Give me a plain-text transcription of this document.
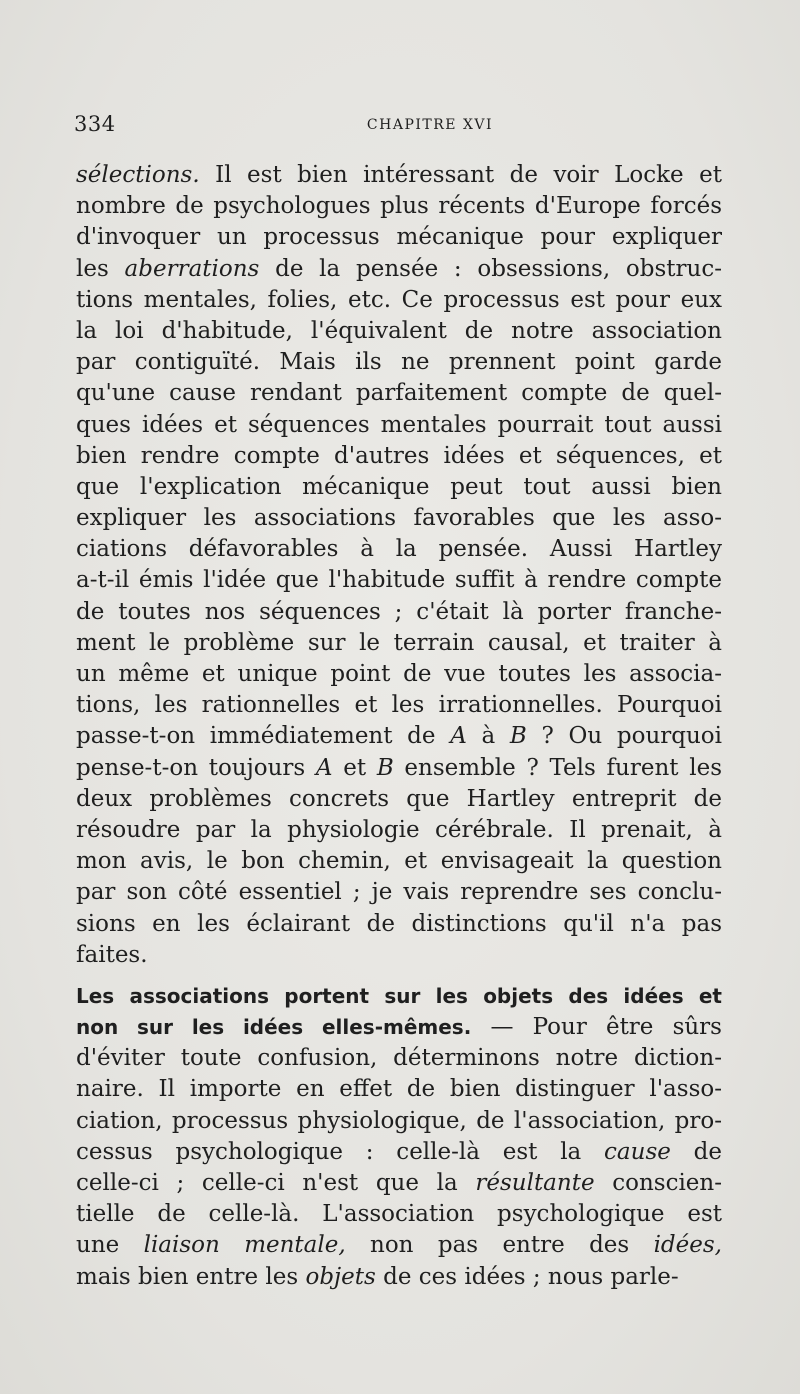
334	CHAPITRE XVI
sélections. Il est bien intéressant de voir Locke et
nombre de psychologues plus récents d'Europe forcés
d'invoquer un processus mécanique pour expliquer
les aberrations de la pensée : obsessions, obstruc-
tions mentales, folies, etc. Ce processus est pour eux
la loi d'habitude, l'équivalent de notre association
par contiguïté. Mais ils ne prennent point garde
qu'une cause rendant parfaitement compte de quel-
ques idées et séquences mentales pourrait tout aussi
bien rendre compte d'autres idées et séquences, et
que l'explication mécanique peut tout aussi bien
expliquer les associations favorables que les asso-
ciations défavorables à la pensée. Aussi Hartley
a-t-il émis l'idée que l'habitude suffit à rendre compte
de toutes nos séquences ; c'était là porter franche-
ment le problème sur le terrain causal, et traiter à
un même et unique point de vue toutes les associa-
tions, les rationnelles et les irrationnelles. Pourquoi
passe-t-on immédiatement de A à B ? Ou pourquoi
pense-t-on toujours A et B ensemble ? Tels furent les
deux problèmes concrets que Hartley entreprit de
résoudre par la physiologie cérébrale. Il prenait, à
mon avis, le bon chemin, et envisageait la question
par son côté essentiel ; je vais reprendre ses conclu-
sions en les éclairant de distinctions qu'il n'a pas
faites.
Les associations portent sur les objets des idées et
non sur les idées elles-mêmes. — Pour être sûrs
d'éviter toute confusion, déterminons notre diction-
naire. Il importe en effet de bien distinguer l'asso-
ciation, processus physiologique, de l'association, pro-
cessus psychologique : celle-là est la cause de
celle-ci ; celle-ci n'est que la résultante conscien-
tielle de celle-là. L'association psychologique est
une liaison mentale, non pas entre des idées,
mais bien entre les objets de ces idées ; nous parle-
